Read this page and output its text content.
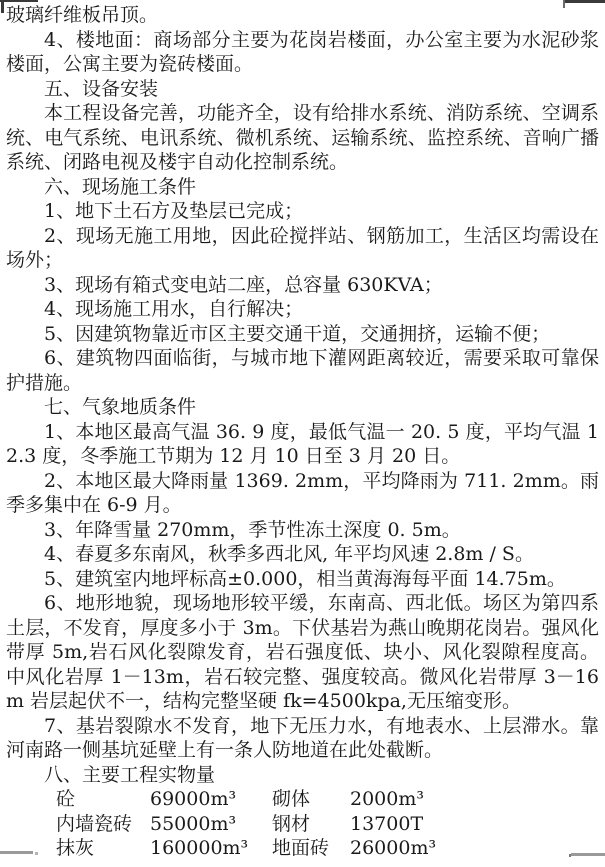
玻璃纤维板吊顶。

4、楼地面：商场部分主要为花岗岩楼面，办公室主要为水泥砂浆楼面，公寓主要为瓷砖楼面。

五、设备安装

本工程设备完善，功能齐全，设有给排水系统、消防系统、空调系统、电气系统、电讯系统、微机系统、运输系统、监控系统、音响广播系统、闭路电视及楼宇自动化控制系统。

六、现场施工条件

1、地下土石方及垫层已完成；

2、现场无施工用地，因此砼搅拌站、钢筋加工，生活区均需设在场外；

3、现场有箱式变电站二座，总容量 630KVA；

4、现场施工用水，自行解决；

5、因建筑物靠近市区主要交通干道，交通拥挤，运输不便；

6、建筑物四面临街，与城市地下灌网距离较近，需要采取可靠保护措施。

七、气象地质条件

1、本地区最高气温 36. 9 度，最低气温一 20. 5 度，平均气温 12.3 度，冬季施工节期为 12 月 10 日至 3 月 20 日。

2、本地区最大降雨量 1369. 2mm，平均降雨为 711. 2mm。雨季多集中在 6-9 月。

3、年降雪量 270mm，季节性冻土深度 0. 5m。

4、春夏多东南风，秋季多西北风, 年平均风速 2.8m / S。

5、建筑室内地坪标高±0.000，相当黄海海每平面 14.75m。

6、地形地貌，现场地形较平缓，东南高、西北低。场区为第四系土层，不发育，厚度多小于 3m。下伏基岩为燕山晚期花岗岩。强风化带厚 5m,岩石风化裂隙发育，岩石强度低、块小、风化裂隙程度高。中风化岩厚 1－13m，岩石较完整、强度较高。微风化岩带厚 3－16m 岩层起伏不一，结构完整坚硬 fk=4500kpa,无压缩变形。

7、基岩裂隙水不发育，地下无压力水，有地表水、上层滞水。靠河南路一侧基坑延壁上有一条人防地道在此处截断。

八、主要工程实物量

砼	69000m³	砌体	2000m³
内墙瓷砖 55000m³	钢材	13700T
抹灰	160000m³	地面砖	26000m³
